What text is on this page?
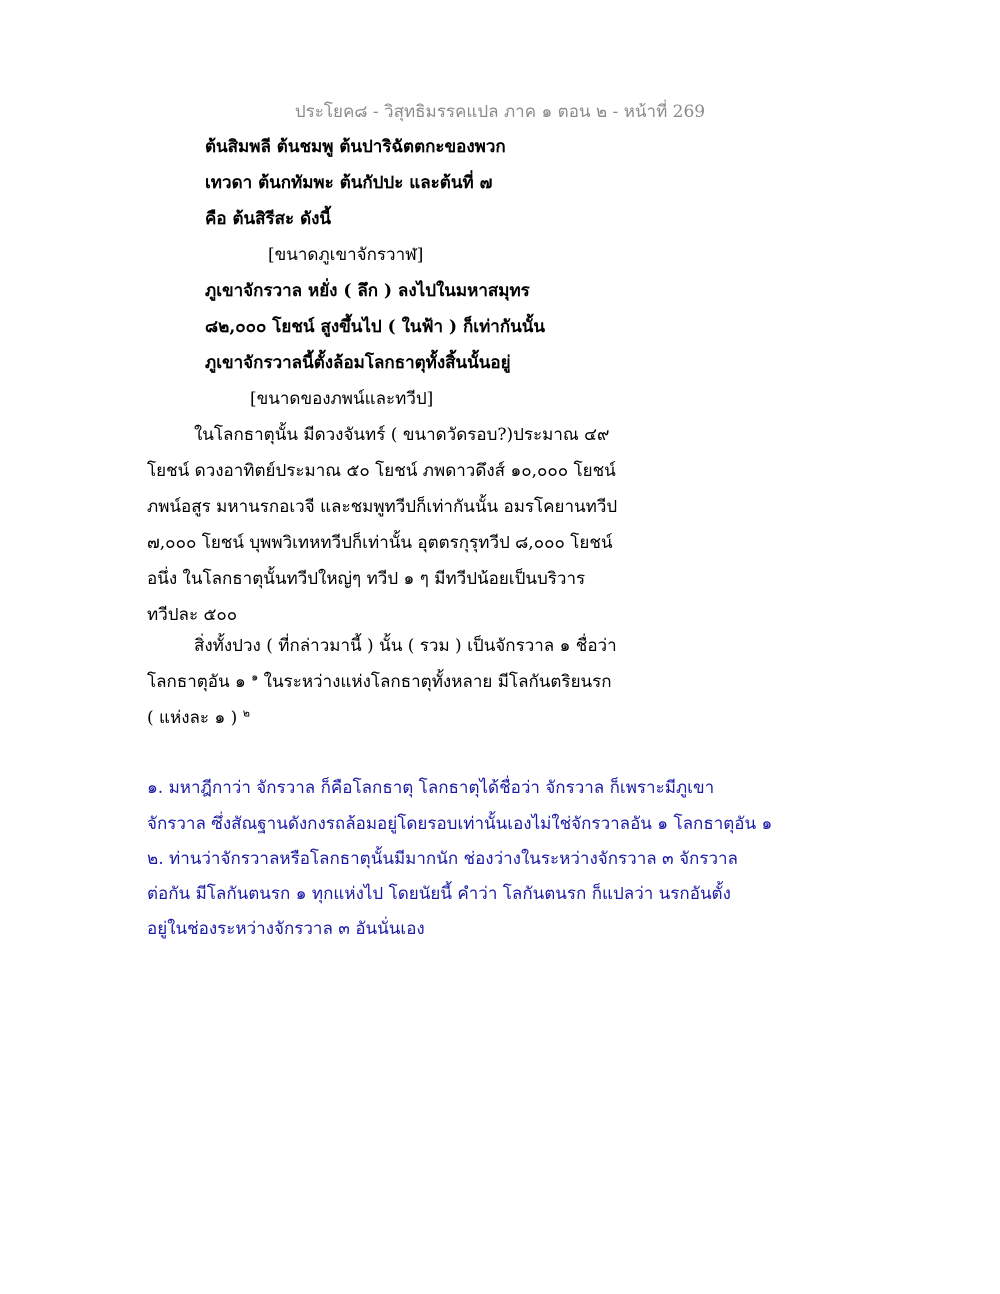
ประโยค๘ - วิสุทธิมรรคแปล ภาค ๑ ตอน ๒ - หน้าที่ 269
ต้นสิมพลี ต้นชมพู ต้นปาริฉัตตกะของพวก
เทวดา ต้นกทัมพะ ต้นกัปปะ และต้นที่ ๗
คือ ต้นสิรีสะ ดังนี้
[ขนาดภูเขาจักรวาฬ]
ภูเขาจักรวาล หยั่ง ( ลึก ) ลงไปในมหาสมุทร
๘๒,๐๐๐ โยชน์ สูงขึ้นไป ( ในฟ้า ) ก็เท่ากันนั้น
ภูเขาจักรวาลนี้ตั้งล้อมโลกธาตุทั้งสิ้นนั้นอยู่
[ขนาดของภพน์และทวีป]
ในโลกธาตุนั้น มีดวงจันทร์ ( ขนาดวัดรอบ?)ประมาณ ๔๙
โยชน์ ดวงอาทิตย์ประมาณ ๕๐ โยชน์ ภพดาวดึงส์ ๑๐,๐๐๐ โยชน์
ภพน์อสูร มหานรกอเวจี และชมพูทวีปก็เท่ากันนั้น อมรโคยานทวีป
๗,๐๐๐ โยชน์ บุพพวิเทหทวีปก็เท่านั้น อุตตรกุรุทวีป ๘,๐๐๐ โยชน์
อนึ่ง ในโลกธาตุนั้นทวีปใหญ่ๆ ทวีป ๑ ๆ มีทวีปน้อยเป็นบริวาร
ทวีปละ ๕๐๐
สิ่งทั้งปวง ( ที่กล่าวมานี้ ) นั้น ( รวม ) เป็นจักรวาล ๑ ชื่อว่า
โลกธาตุอัน ๑ $^๑$ ในระหว่างแห่งโลกธาตุทั้งหลาย มีโลกันตริยนรก
( แห่งละ ๑ ) $^๒$
๑. มหาฎีกาว่า จักรวาล ก็คือโลกธาตุ โลกธาตุได้ชื่อว่า จักรวาล ก็เพราะมีภูเขา
จักรวาล ซึ่งสัณฐานดังกงรถล้อมอยู่โดยรอบเท่านั้นเองไม่ใช่จักรวาลอัน ๑ โลกธาตุอัน ๑
๒. ท่านว่าจักรวาลหรือโลกธาตุนั้นมีมากนัก ช่องว่างในระหว่างจักรวาล ๓ จักรวาล
ต่อกัน มีโลกันตนรก ๑ ทุกแห่งไป โดยนัยนี้ คำว่า โลกันตนรก ก็แปลว่า นรกอันตั้ง
อยู่ในช่องระหว่างจักรวาล ๓ อันนั่นเอง
